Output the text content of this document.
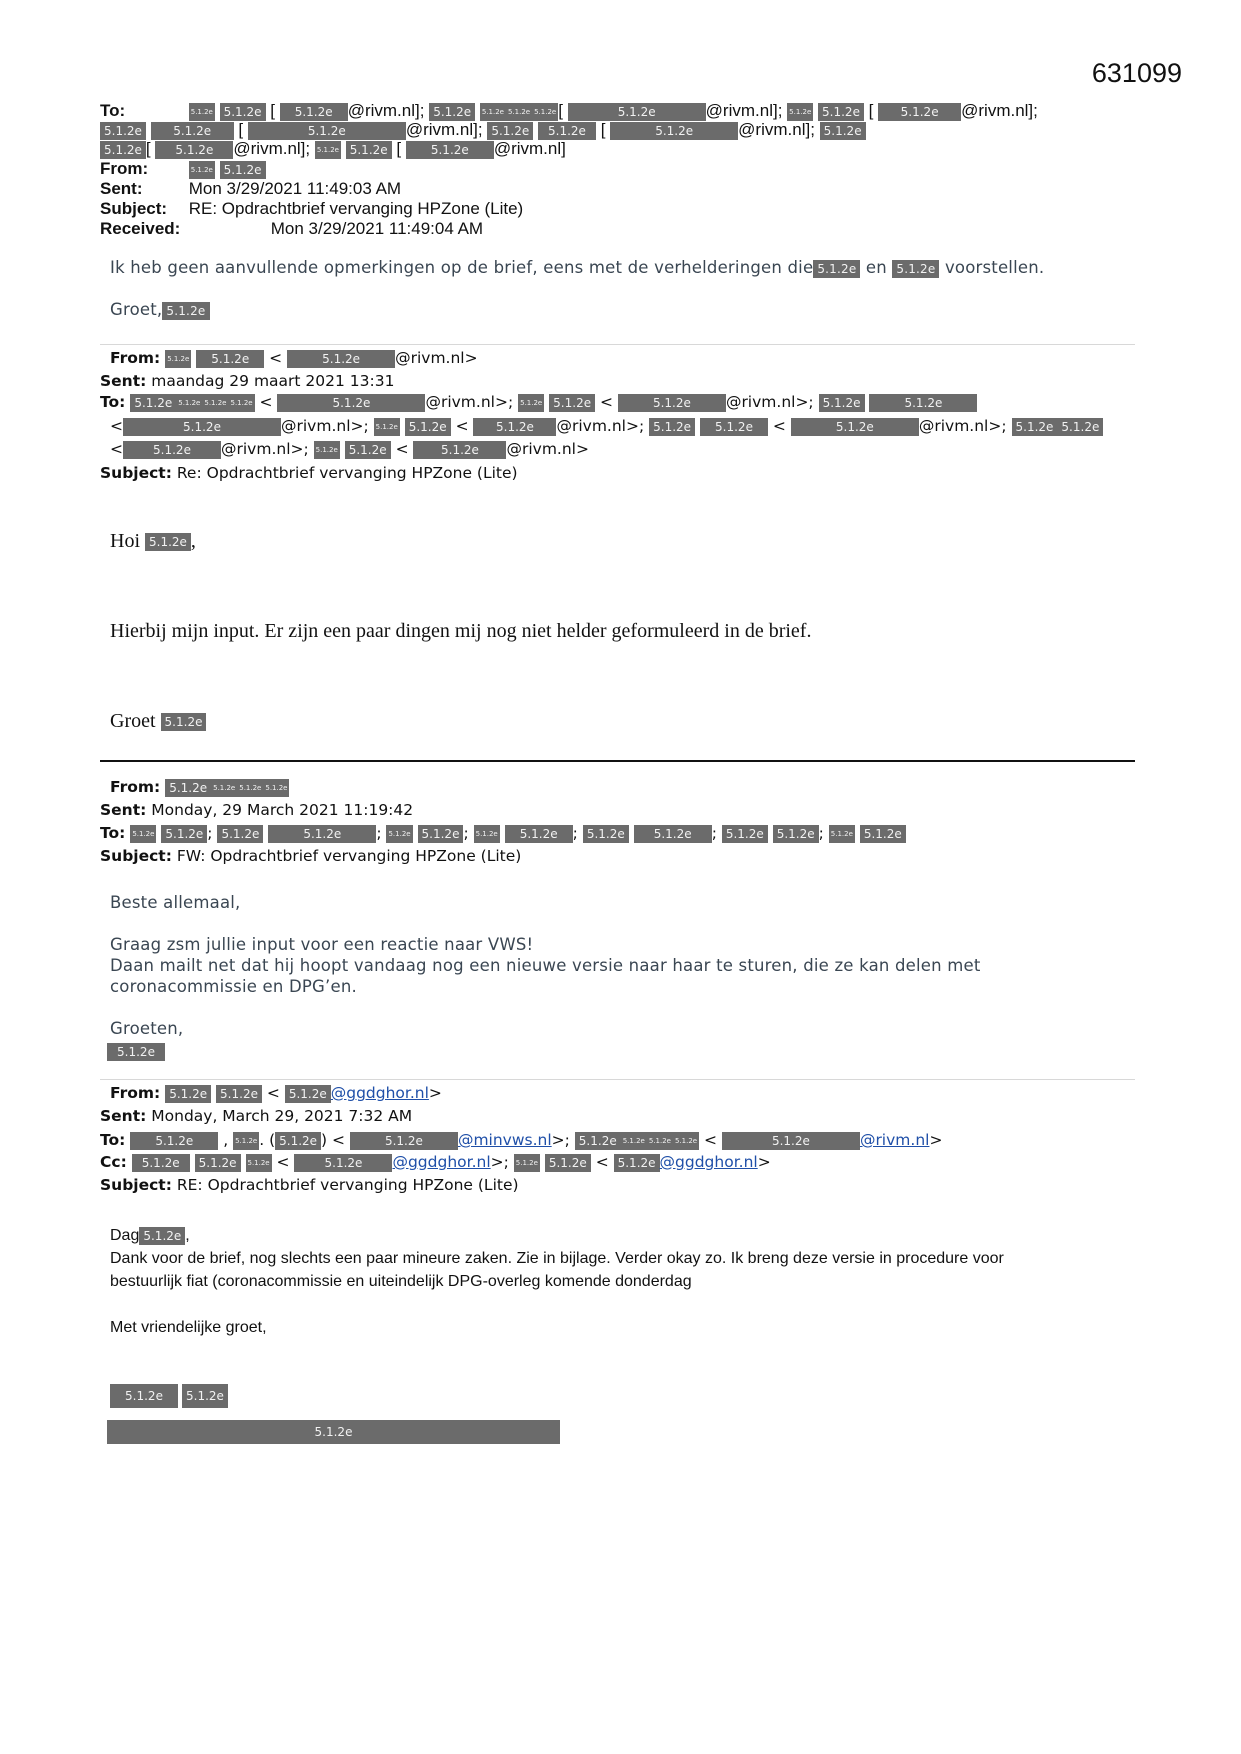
631099
To:	5.1.2e 5.1.2e [ 5.1.2e @rivm.nl]; 5.1.2e 5.1.2e 5.1.2e 5.1.2e [	5.1.2e	@rivm.nl]; 5.1.2e 5.1.2e [ 5.1.2e @rivm.nl];
5.1.2e	5.1.2e [	5.1.2e	@rivm.nl]; 5.1.2e 5.1.2e [	5.1.2e	@rivm.nl]; 5.1.2e
5.1.2e [ 5.1.2e @rivm.nl]; 5.1.2e 5.1.2e [ 5.1.2e @rivm.nl]
From:	5.1.2e 5.1.2e
Sent:	Mon 3/29/2021 11:49:03 AM
Subject: RE: Opdrachtbrief vervanging HPZone (Lite)
Received:	Mon 3/29/2021 11:49:04 AM
Ik heb geen aanvullende opmerkingen op de brief, eens met de verhelderingen die 5.1.2e en 5.1.2e voorstellen.
Groet, 5.1.2e
From: 5.1.2e 5.1.2e <	5.1.2e @rivm.nl>
Sent: maandag 29 maart 2021 13:31
To: 5.1.2e 5.1.2e 5.1.2e 5.1.2e <	5.1.2e	@rivm.nl>; 5.1.2e 5.1.2e <	5.1.2e @rivm.nl>; 5.1.2e	5.1.2e
<	5.1.2e	@rivm.nl>; 5.1.2e 5.1.2e < 5.1.2e @rivm.nl>; 5.1.2e 5.1.2e <	5.1.2e	@rivm.nl>; 5.1.2e 5.1.2e
<	5.1.2e @rivm.nl>; 5.1.2e 5.1.2e < 5.1.2e @rivm.nl>
Subject: Re: Opdrachtbrief vervanging HPZone (Lite)
Hoi 5.1.2e ,
Hierbij mijn input. Er zijn een paar dingen mij nog niet helder geformuleerd in de brief.
Groet 5.1.2e
From: 5.1.2e 5.1.2e 5.1.2e 5.1.2e
Sent: Monday, 29 March 2021 11:19:42
To: 5.1.2e 5.1.2e ; 5.1.2e	5.1.2e ; 5.1.2e 5.1.2e ; 5.1.2e 5.1.2e ; 5.1.2e 5.1.2e ; 5.1.2e 5.1.2e ; 5.1.2e 5.1.2e
Subject: FW: Opdrachtbrief vervanging HPZone (Lite)
Beste allemaal,
Graag zsm jullie input voor een reactie naar VWS!
Daan mailt net dat hij hoopt vandaag nog een nieuwe versie naar haar te sturen, die ze kan delen met
coronacommissie en DPG’en.
Groeten,
5.1.2e
From: 5.1.2e 5.1.2e < 5.1.2e @ggdghor.nl>
Sent: Monday, March 29, 2021 7:32 AM
To: 5.1.2e , 5.1.2e . ( 5.1.2e ) <	5.1.2e @minvws.nl>; 5.1.2e 5.1.2e 5.1.2e 5.1.2e <	5.1.2e	@rivm.nl>
Cc: 5.1.2e 5.1.2e 5.1.2e <	5.1.2e @ggdghor.nl>; 5.1.2e 5.1.2e < 5.1.2e @ggdghor.nl>
Subject: RE: Opdrachtbrief vervanging HPZone (Lite)
Dag 5.1.2e ,
Dank voor de brief, nog slechts een paar mineure zaken. Zie in bijlage. Verder okay zo. Ik breng deze versie in procedure voor
bestuurlijk fiat (coronacommissie en uiteindelijk DPG-overleg komende donderdag
Met vriendelijke groet,
5.1.2e 5.1.2e
5.1.2e
